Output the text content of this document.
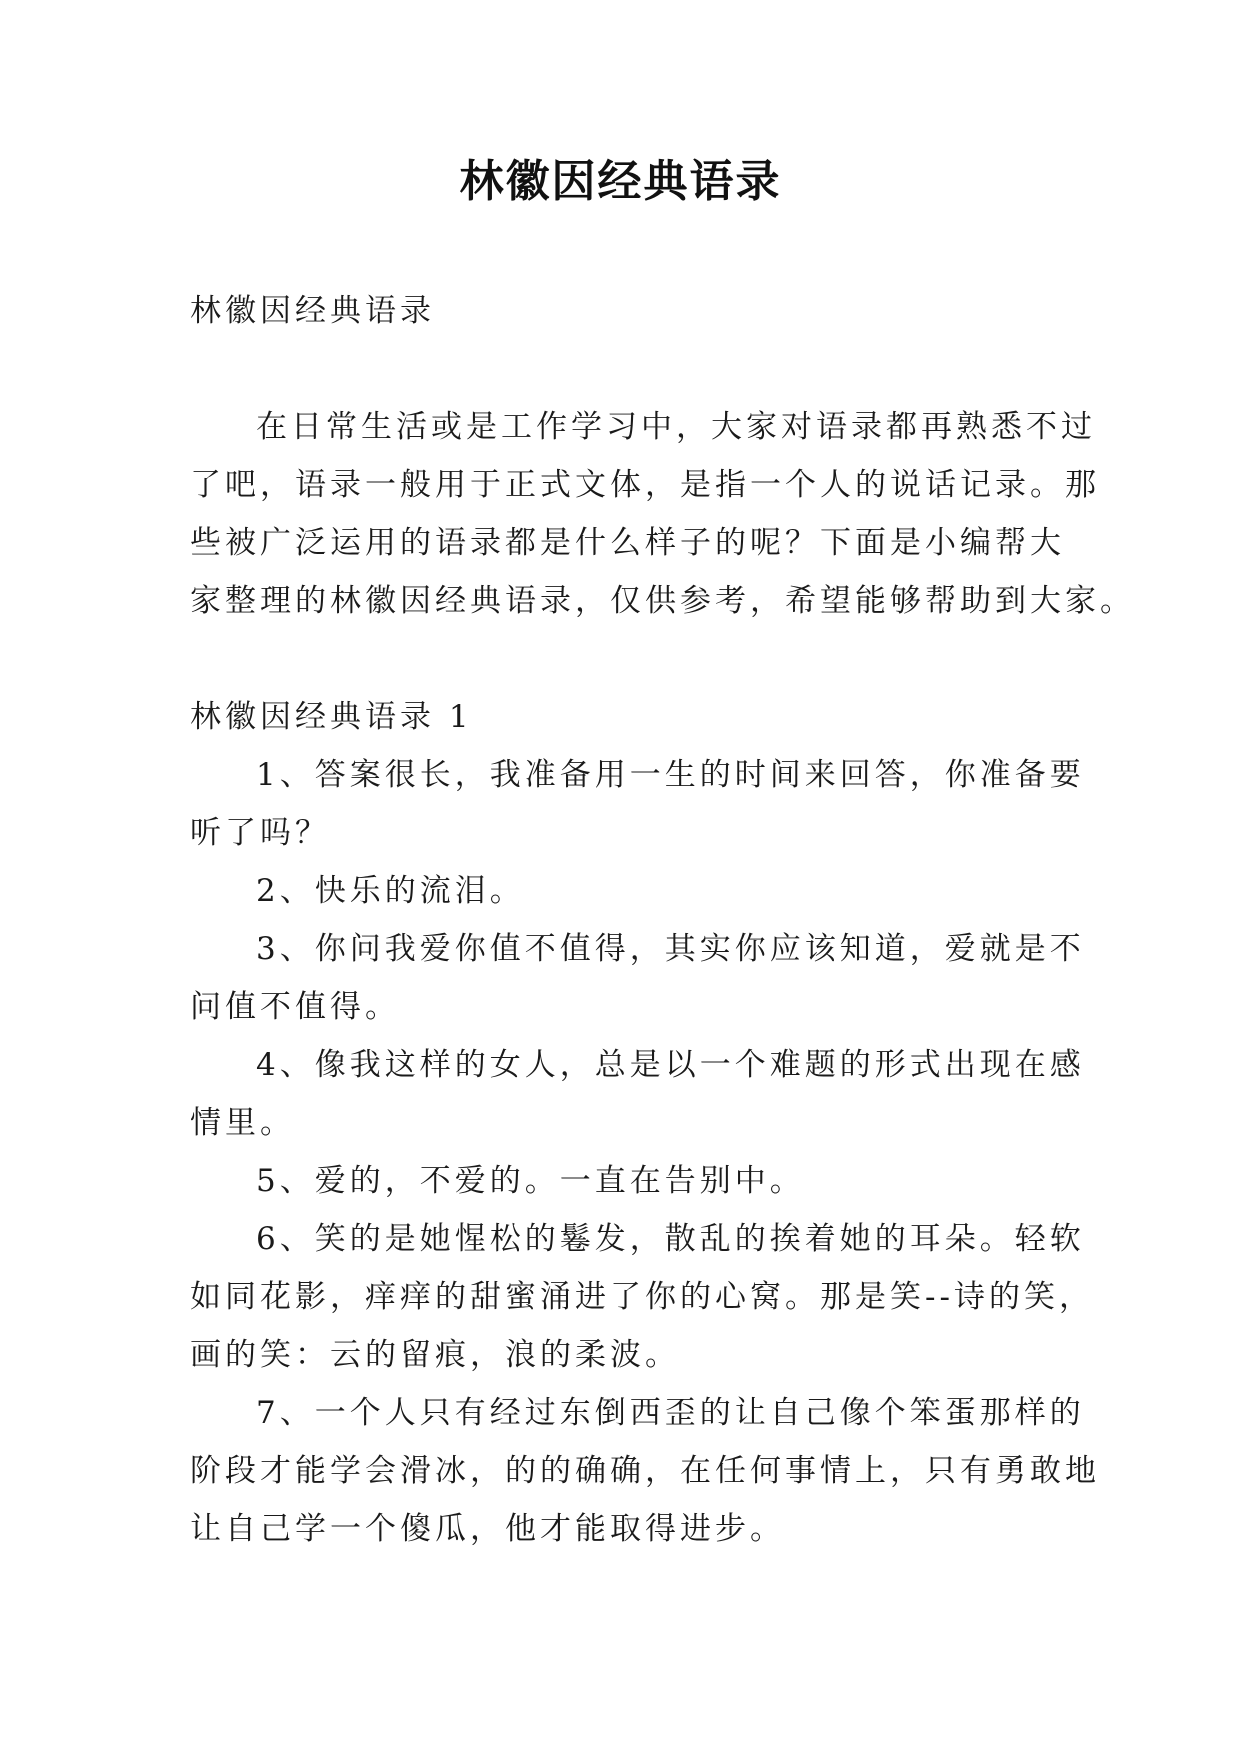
林徽因经典语录
林徽因经典语录
在日常生活或是工作学习中，大家对语录都再熟悉不过
了吧，语录一般用于正式文体，是指一个人的说话记录。那
些被广泛运用的语录都是什么样子的呢？下面是小编帮大
家整理的林徽因经典语录，仅供参考，希望能够帮助到大家。
林徽因经典语录 1
1、答案很长，我准备用一生的时间来回答，你准备要
听了吗？
2、快乐的流泪。
3、你问我爱你值不值得，其实你应该知道，爱就是不
问值不值得。
4、像我这样的女人，总是以一个难题的形式出现在感
情里。
5、爱的，不爱的。一直在告别中。
6、笑的是她惺松的鬈发，散乱的挨着她的耳朵。轻软
如同花影，痒痒的甜蜜涌进了你的心窝。那是笑--诗的笑，
画的笑：云的留痕，浪的柔波。
7、一个人只有经过东倒西歪的让自己像个笨蛋那样的
阶段才能学会滑冰，的的确确，在任何事情上，只有勇敢地
让自己学一个傻瓜，他才能取得进步。
